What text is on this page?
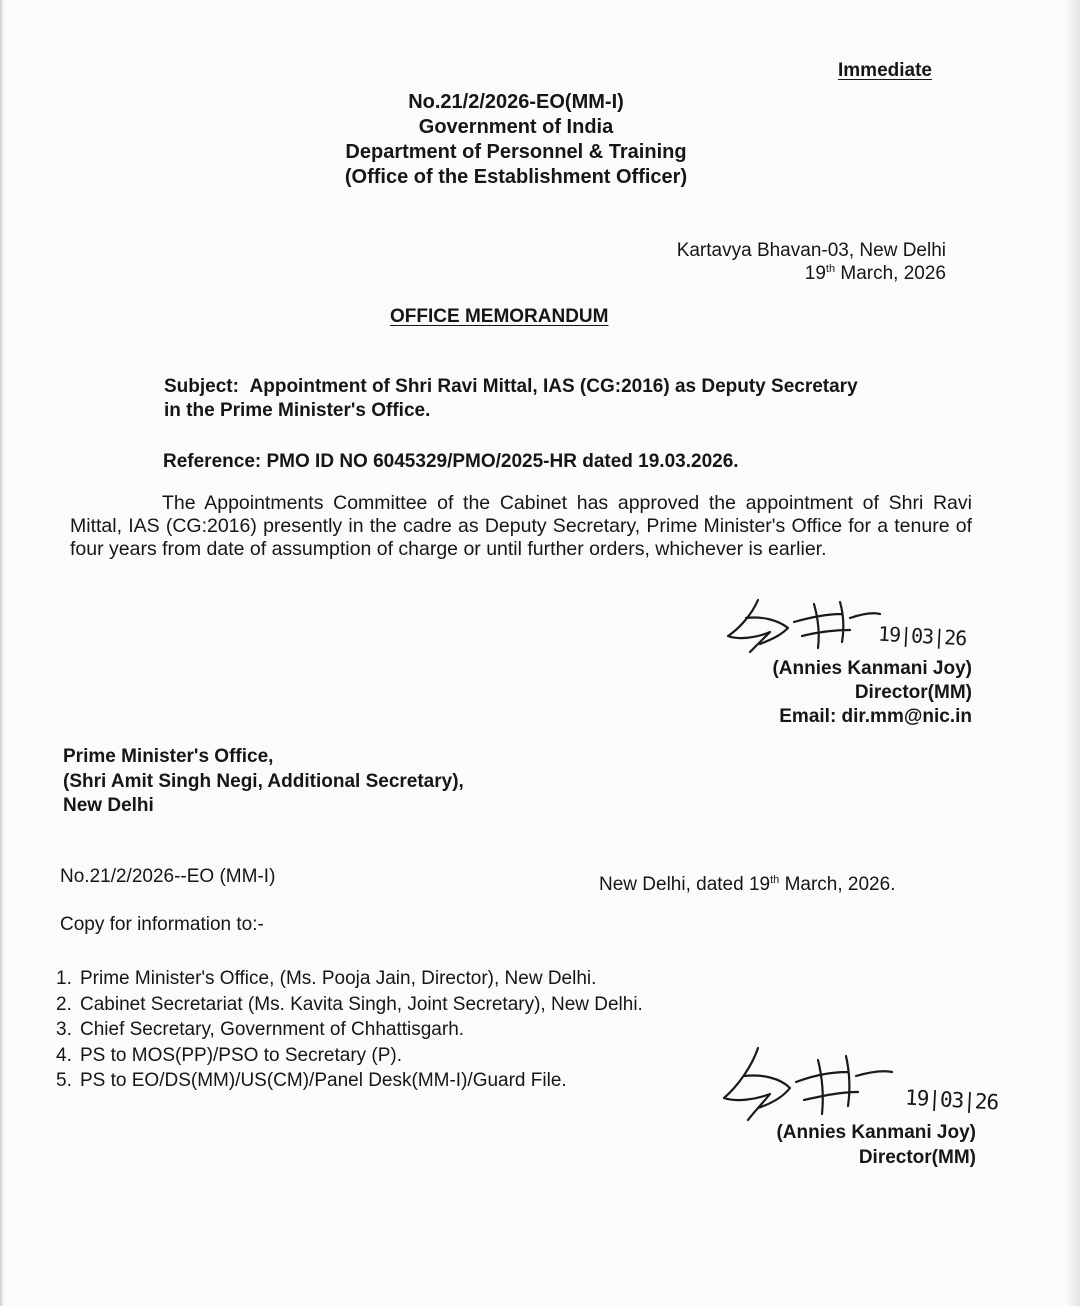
Immediate
No.21/2/2026-EO(MM-I)
Government of India
Department of Personnel & Training
(Office of the Establishment Officer)
Kartavya Bhavan-03, New Delhi
19th March, 2026
OFFICE MEMORANDUM
Subject: Appointment of Shri Ravi Mittal, IAS (CG:2016) as Deputy Secretary
in the Prime Minister's Office.
Reference: PMO ID NO 6045329/PMO/2025-HR dated 19.03.2026.
The Appointments Committee of the Cabinet has approved the appointment of Shri Ravi Mittal, IAS (CG:2016) presently in the cadre as Deputy Secretary, Prime Minister's Office for a tenure of four years from date of assumption of charge or until further orders, whichever is earlier.
19|03|26
(Annies Kanmani Joy)
Director(MM)
Email: dir.mm@nic.in
Prime Minister's Office,
(Shri Amit Singh Negi, Additional Secretary),
New Delhi
No.21/2/2026--EO (MM-I)	New Delhi, dated 19th March, 2026.
Copy for information to:-
1. Prime Minister's Office, (Ms. Pooja Jain, Director), New Delhi.
2. Cabinet Secretariat (Ms. Kavita Singh, Joint Secretary), New Delhi.
3. Chief Secretary, Government of Chhattisgarh.
4. PS to MOS(PP)/PSO to Secretary (P).
5. PS to EO/DS(MM)/US(CM)/Panel Desk(MM-I)/Guard File.
19|03|26
(Annies Kanmani Joy)
Director(MM)
